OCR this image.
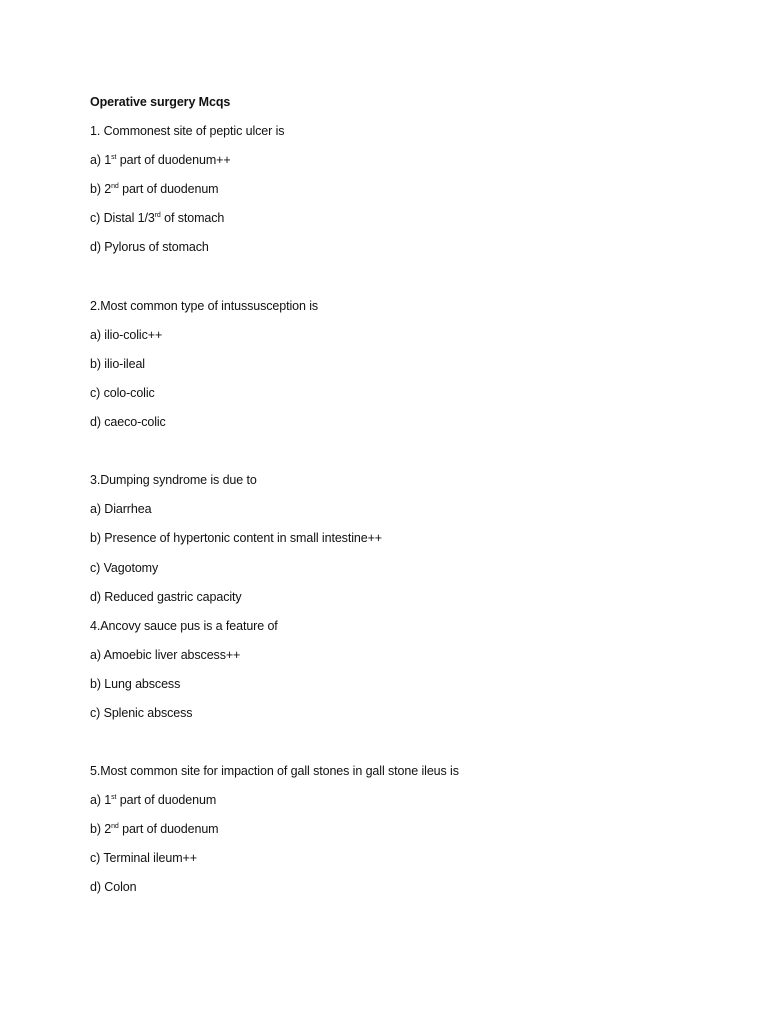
Operative surgery Mcqs
1. Commonest site of peptic ulcer is
a) 1st part of duodenum++
b) 2nd part of duodenum
c) Distal 1/3rd of stomach
d) Pylorus of stomach
2.Most common type of intussusception is
a) ilio-colic++
b) ilio-ileal
c) colo-colic
d) caeco-colic
3.Dumping syndrome is due to
a) Diarrhea
b) Presence of hypertonic content in small intestine++
c) Vagotomy
d) Reduced gastric capacity
4.Ancovy sauce pus is a feature of
a) Amoebic liver abscess++
b) Lung abscess
c) Splenic abscess
5.Most common site for impaction of gall stones in gall stone ileus is
a) 1st part of duodenum
b) 2nd part of duodenum
c) Terminal ileum++
d) Colon
